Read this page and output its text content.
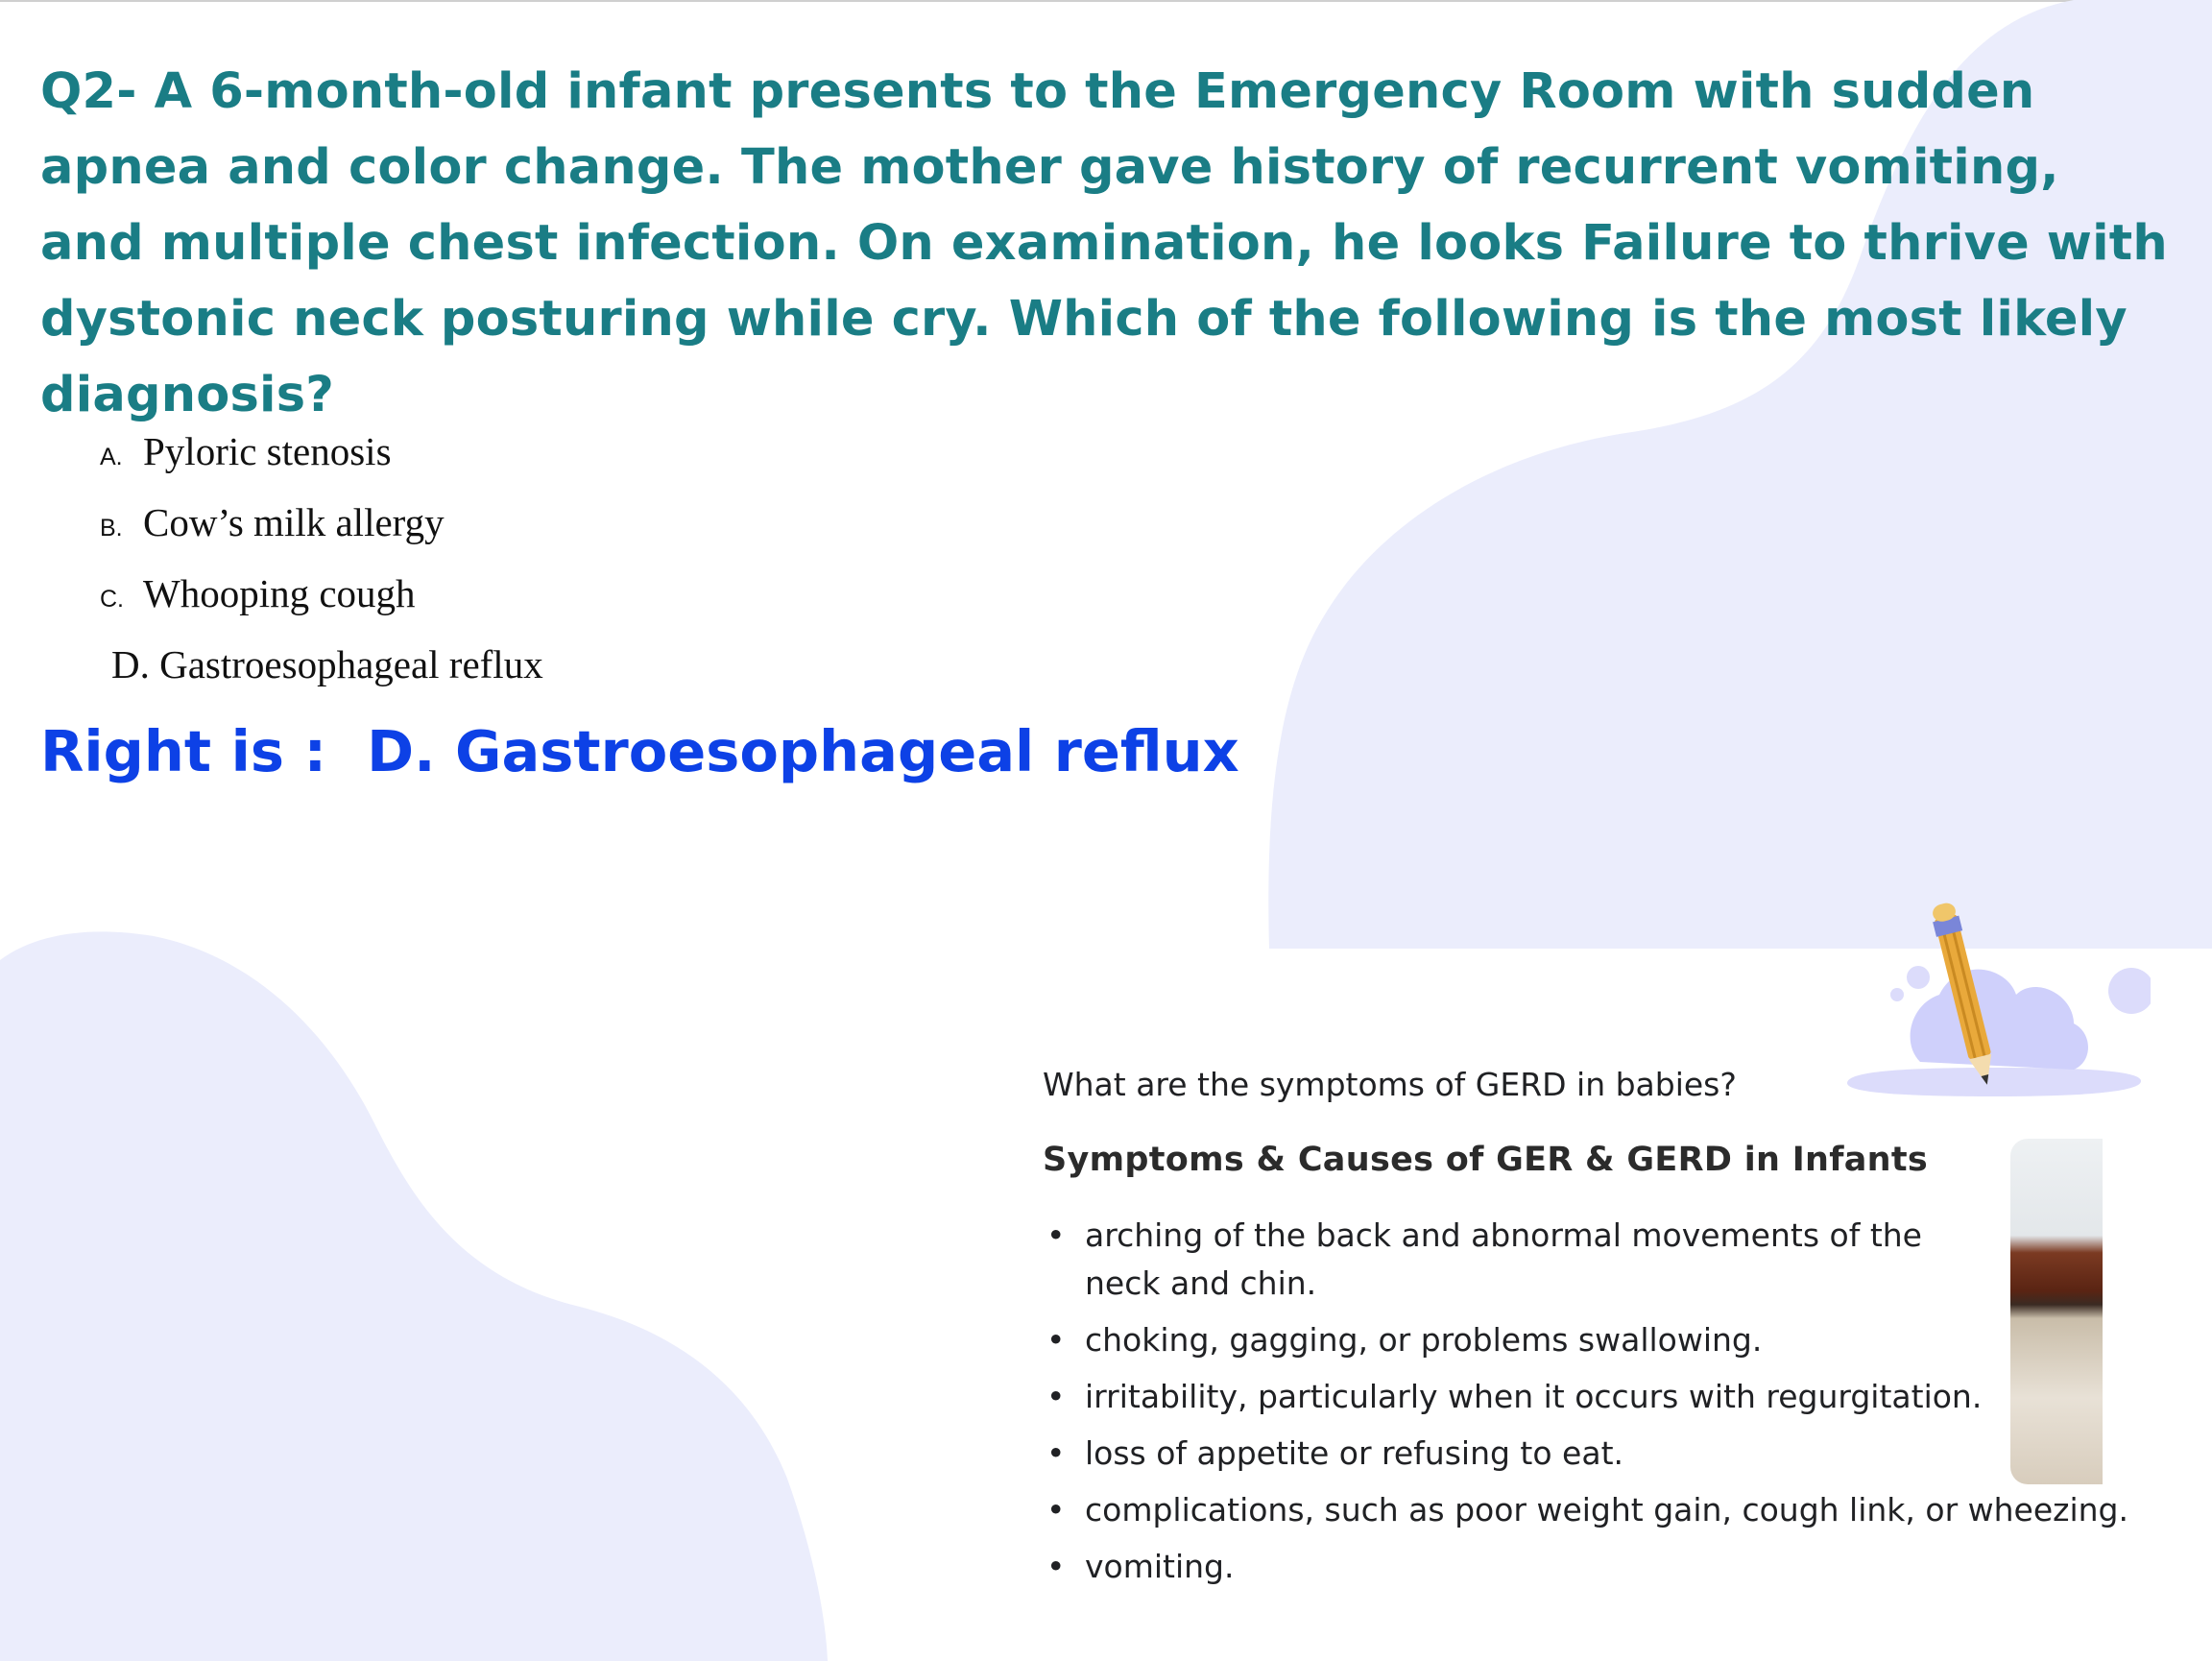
Q2- A 6-month-old infant presents to the Emergency Room with sudden apnea and color change. The mother gave history of recurrent vomiting, and multiple chest infection. On examination, he looks Failure to thrive with dystonic neck posturing while cry. Which of the following is the most likely diagnosis?
A. Pyloric stenosis
B. Cow’s milk allergy
C. Whooping cough
D. Gastroesophageal reflux
Right is : D. Gastroesophageal reflux
What are the symptoms of GERD in babies?
Symptoms & Causes of GER & GERD in Infants
• arching of the back and abnormal movements of the neck and chin.
• choking, gagging, or problems swallowing.
• irritability, particularly when it occurs with regurgitation.
• loss of appetite or refusing to eat.
• complications, such as poor weight gain, cough link, or wheezing.
• vomiting.
